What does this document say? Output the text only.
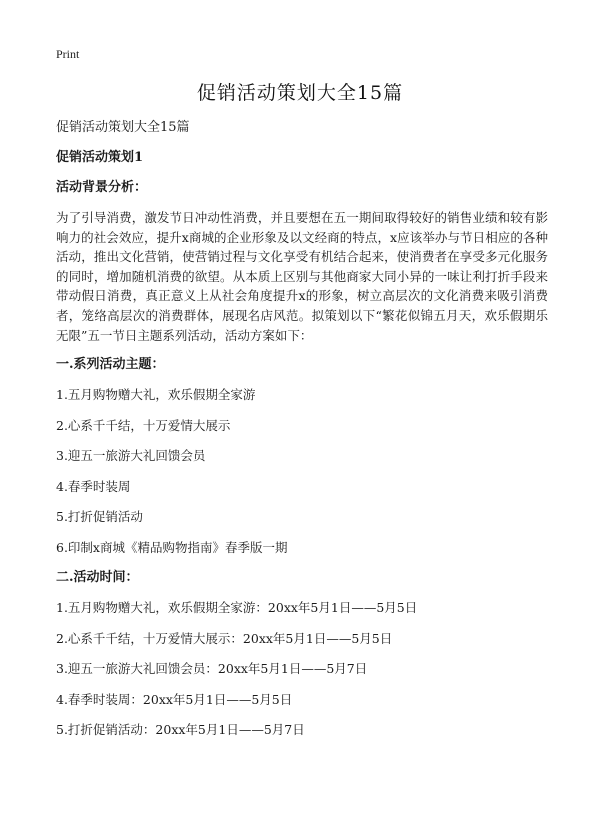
Print
促销活动策划大全15篇

促销活动策划大全15篇

促销活动策划1

活动背景分析：

为了引导消费，激发节日冲动性消费，并且要想在五一期间取得较好的销售业绩和较有影响力的社会效应，提升x商城的企业形象及以文经商的特点，x应该举办与节日相应的各种活动，推出文化营销，使营销过程与文化享受有机结合起来，使消费者在享受多元化服务的同时，增加随机消费的欲望。从本质上区别与其他商家大同小异的一味让利打折手段来带动假日消费，真正意义上从社会角度提升x的形象，树立高层次的文化消费来吸引消费者，笼络高层次的消费群体，展现名店风范。拟策划以下“繁花似锦五月天，欢乐假期乐无限”五一节日主题系列活动，活动方案如下：

一.系列活动主题：

1.五月购物赠大礼，欢乐假期全家游
2.心系千千结，十万爱情大展示
3.迎五一旅游大礼回馈会员
4.春季时装周
5.打折促销活动
6.印制x商城《精品购物指南》春季版一期

二.活动时间：

1.五月购物赠大礼，欢乐假期全家游：20xx年5月1日——5月5日
2.心系千千结，十万爱情大展示：20xx年5月1日——5月5日
3.迎五一旅游大礼回馈会员：20xx年5月1日——5月7日
4.春季时装周：20xx年5月1日——5月5日
5.打折促销活动：20xx年5月1日——5月7日
